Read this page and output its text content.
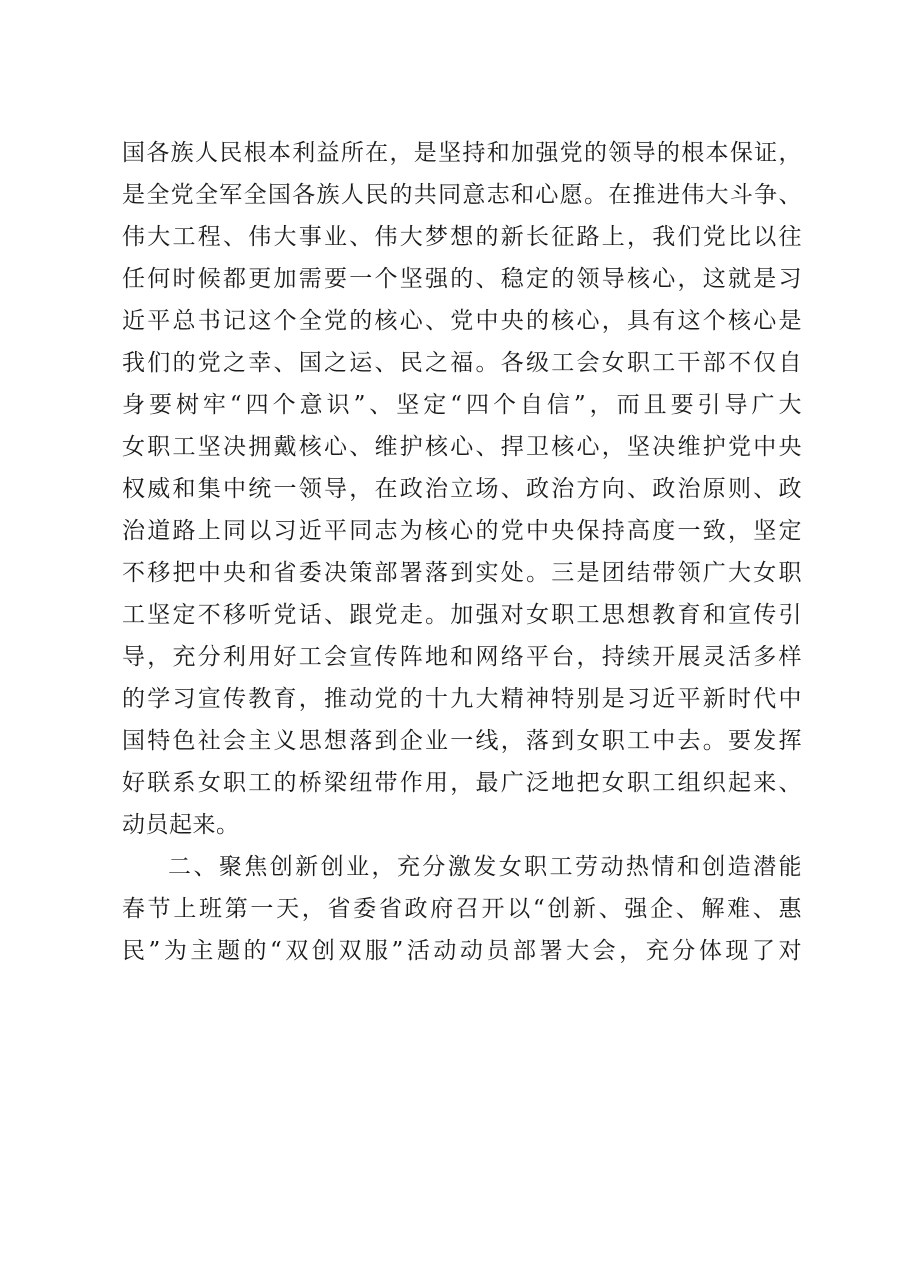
国各族人民根本利益所在，是坚持和加强党的领导的根本保证，
是全党全军全国各族人民的共同意志和心愿。在推进伟大斗争、
伟大工程、伟大事业、伟大梦想的新长征路上，我们党比以往
任何时候都更加需要一个坚强的、稳定的领导核心，这就是习
近平总书记这个全党的核心、党中央的核心，具有这个核心是
我们的党之幸、国之运、民之福。各级工会女职工干部不仅自
身要树牢“四个意识”、坚定“四个自信”，而且要引导广大
女职工坚决拥戴核心、维护核心、捍卫核心，坚决维护党中央
权威和集中统一领导，在政治立场、政治方向、政治原则、政
治道路上同以习近平同志为核心的党中央保持高度一致，坚定
不移把中央和省委决策部署落到实处。三是团结带领广大女职
工坚定不移听党话、跟党走。加强对女职工思想教育和宣传引
导，充分利用好工会宣传阵地和网络平台，持续开展灵活多样
的学习宣传教育，推动党的十九大精神特别是习近平新时代中
国特色社会主义思想落到企业一线，落到女职工中去。要发挥
好联系女职工的桥梁纽带作用，最广泛地把女职工组织起来、
动员起来。
二、聚焦创新创业，充分激发女职工劳动热情和创造潜能
春节上班第一天，省委省政府召开以“创新、强企、解难、惠
民”为主题的“双创双服”活动动员部署大会，充分体现了对
